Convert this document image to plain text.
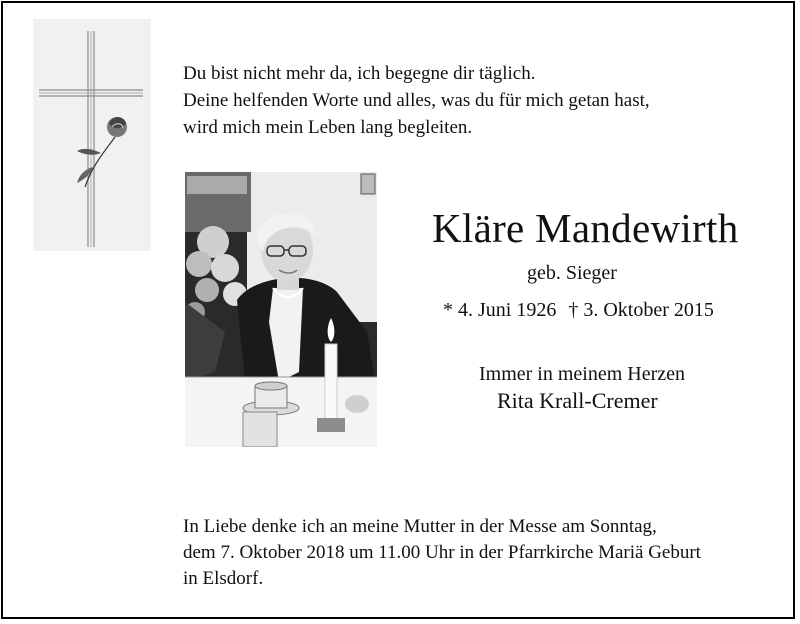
Du bist nicht mehr da, ich begegne dir täglich.
Deine helfenden Worte und alles, was du für mich getan hast,
wird mich mein Leben lang begleiten.
Kläre Mandewirth
geb. Sieger
* 4. Juni 1926 † 3. Oktober 2015
Immer in meinem Herzen
Rita Krall-Cremer
In Liebe denke ich an meine Mutter in der Messe am Sonntag,
dem 7. Oktober 2018 um 11.00 Uhr in der Pfarrkirche Mariä Geburt
in Elsdorf.
